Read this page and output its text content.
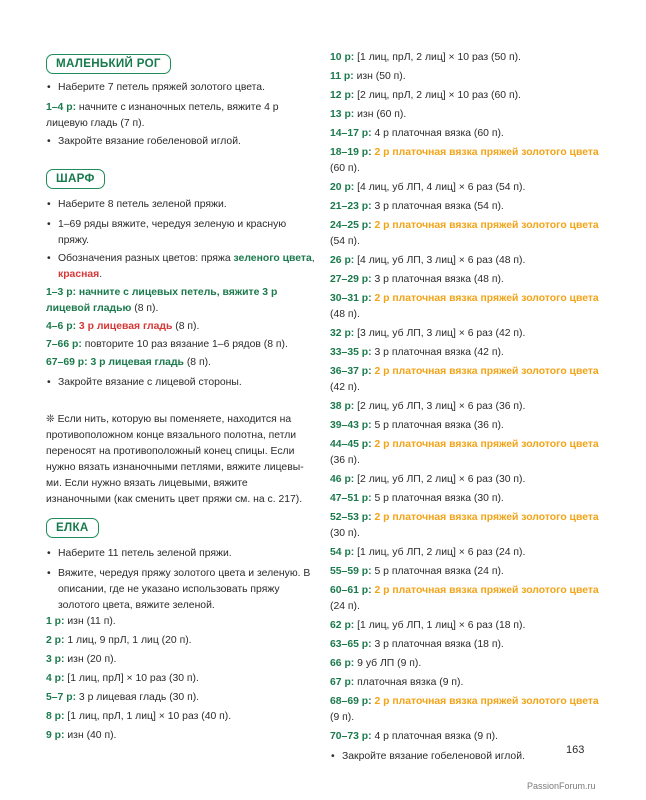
МАЛЕНЬКИЙ РОГ

• Наберите 7 петель пряжей золотого цвета.

1–4 р: начните с изнаночных петель, вяжите 4 р лицевую гладь (7 п).

• Закройте вязание гобеленовой иглой.

ШАРФ

• Наберите 8 петель зеленой пряжи.

• 1–69 ряды вяжите, чередуя зеленую и красную пряжу.

• Обозначения разных цветов: пряжа зеленого цвета, красная.

1–3 р: начните с лицевых петель, вяжите 3 р лицевой гладью (8 п).

4–6 р: 3 р лицевая гладь (8 п).

7–66 р: повторите 10 раз вязание 1–6 рядов (8 п).

67–69 р: 3 р лицевая гладь (8 п).

• Закройте вязание с лицевой стороны.

❊ Если нить, которую вы поменяете, находится на противоположном конце вязального полотна, петли переносят на противоположный конец спицы. Если нужно вязать изнаночными петлями, вяжите лицевы-ми. Если нужно вязать лицевыми, вяжите изнаночными (как сменить цвет пряжи см. на с. 217).

ЕЛКА

• Наберите 11 петель зеленой пряжи.

• Вяжите, чередуя пряжу золотого цвета и зеленую. В описании, где не указано использовать пряжу золотого цвета, вяжите зеленой.

1 р: изн (11 п).

2 р: 1 лиц, 9 прЛ, 1 лиц (20 п).

3 р: изн (20 п).

4 р: [1 лиц, прЛ] × 10 раз (30 п).

5–7 р: 3 р лицевая гладь (30 п).

8 р: [1 лиц, прЛ, 1 лиц] × 10 раз (40 п).

9 р: изн (40 п).

10 р: [1 лиц, прЛ, 2 лиц] × 10 раз (50 п).

11 р: изн (50 п).

12 р: [2 лиц, прЛ, 2 лиц] × 10 раз (60 п).

13 р: изн (60 п).

14–17 р: 4 р платочная вязка (60 п).

18–19 р: 2 р платочная вязка пряжей золотого цвета (60 п).

20 р: [4 лиц, уб ЛП, 4 лиц] × 6 раз (54 п).

21–23 р: 3 р платочная вязка (54 п).

24–25 р: 2 р платочная вязка пряжей золотого цвета (54 п).

26 р: [4 лиц, уб ЛП, 3 лиц] × 6 раз (48 п).

27–29 р: 3 р платочная вязка (48 п).

30–31 р: 2 р платочная вязка пряжей золотого цвета (48 п).

32 р: [3 лиц, уб ЛП, 3 лиц] × 6 раз (42 п).

33–35 р: 3 р платочная вязка (42 п).

36–37 р: 2 р платочная вязка пряжей золотого цвета (42 п).

38 р: [2 лиц, уб ЛП, 3 лиц] × 6 раз (36 п).

39–43 р: 5 р платочная вязка (36 п).

44–45 р: 2 р платочная вязка пряжей золотого цвета (36 п).

46 р: [2 лиц, уб ЛП, 2 лиц] × 6 раз (30 п).

47–51 р: 5 р платочная вязка (30 п).

52–53 р: 2 р платочная вязка пряжей золотого цвета (30 п).

54 р: [1 лиц, уб ЛП, 2 лиц] × 6 раз (24 п).

55–59 р: 5 р платочная вязка (24 п).

60–61 р: 2 р платочная вязка пряжей золотого цвета (24 п).

62 р: [1 лиц, уб ЛП, 1 лиц] × 6 раз (18 п).

63–65 р: 3 р платочная вязка (18 п).

66 р: 9 уб ЛП (9 п).

67 р: платочная вязка (9 п).

68–69 р: 2 р платочная вязка пряжей золотого цвета (9 п).

70–73 р: 4 р платочная вязка (9 п).

• Закройте вязание гобеленовой иглой.

163
PassionForum.ru
